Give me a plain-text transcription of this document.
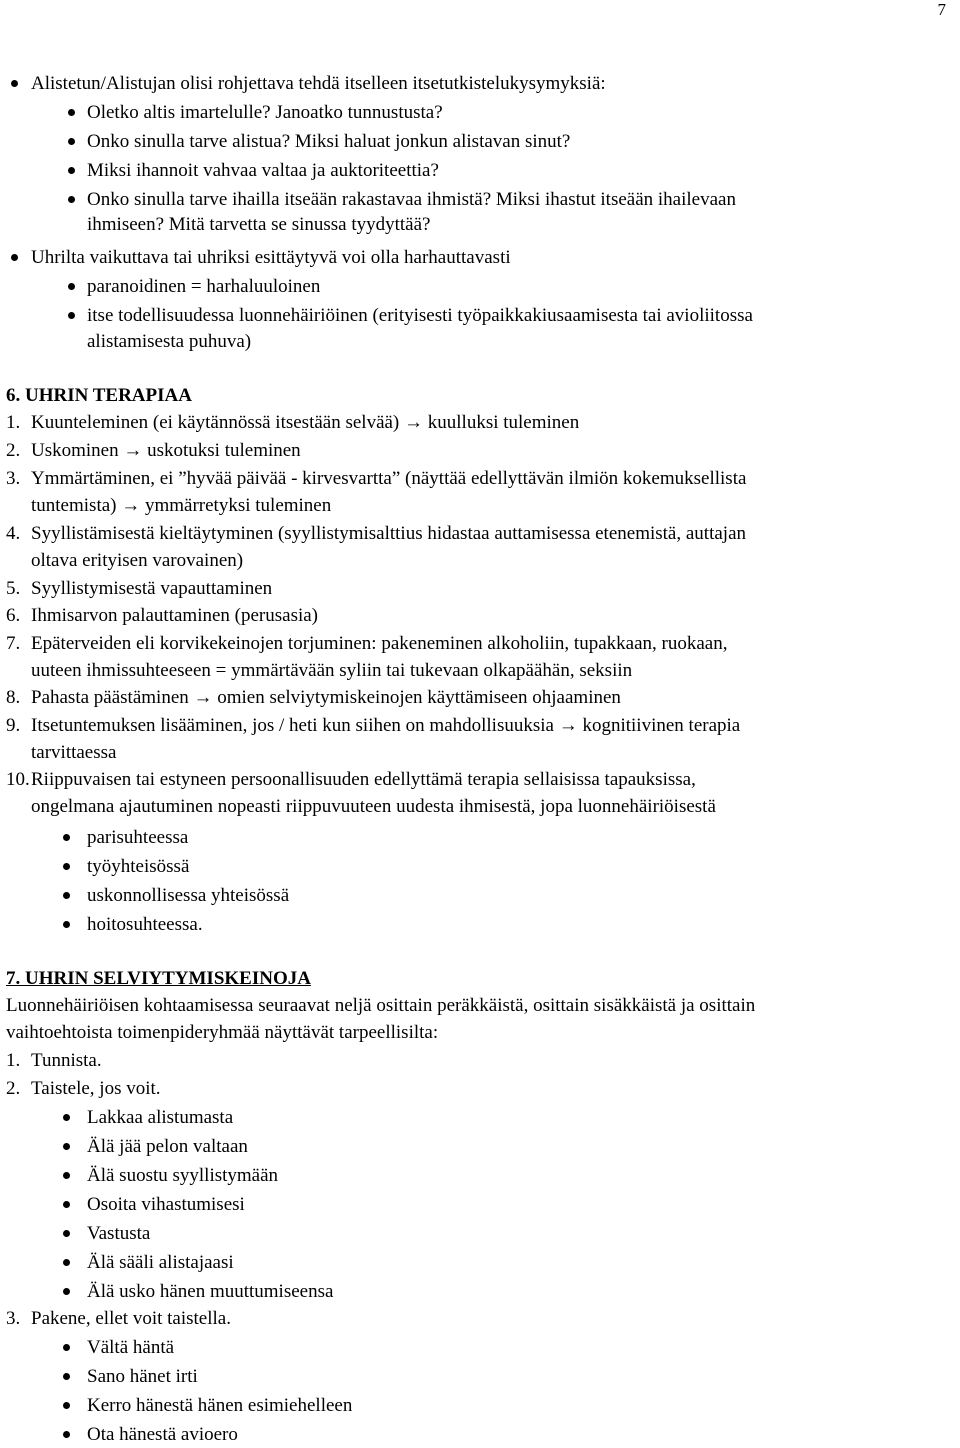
7
Alistetun/Alistujan olisi rohjettava tehdä itselleen itsetutkistelukysymyksiä:
Oletko altis imartelulle? Janoatko tunnustusta?
Onko sinulla tarve alistua? Miksi haluat jonkun alistavan sinut?
Miksi ihannoit vahvaa valtaa ja auktoriteettia?
Onko sinulla tarve ihailla itseään rakastavaa ihmistä? Miksi ihastut itseään ihailevaan
ihmiseen? Mitä tarvetta se sinussa tyydyttää?
Uhrilta vaikuttava tai uhriksi esittäytyvä voi olla harhauttavasti
paranoidinen = harhaluuloinen
itse todellisuudessa luonnehäiriöinen (erityisesti työpaikkakiusaamisesta tai avioliitossa
alistamisesta puhuva)
6. UHRIN TERAPIAA
1. Kuunteleminen (ei käytännössä itsestään selvää) → kuulluksi tuleminen
2. Uskominen → uskotuksi tuleminen
3. Ymmärtäminen, ei ”hyvää päivää - kirvesvartta” (näyttää edellyttävän ilmiön kokemuksellista
tuntemista) → ymmärretyksi tuleminen
4. Syyllistämisestä kieltäytyminen (syyllistymisalttius hidastaa auttamisessa etenemistä, auttajan
oltava erityisen varovainen)
5. Syyllistymisestä vapauttaminen
6. Ihmisarvon palauttaminen (perusasia)
7. Epäterveiden eli korvikekeinojen torjuminen: pakeneminen alkoholiin, tupakkaan, ruokaan,
uuteen ihmissuhteeseen = ymmärtävään syliin tai tukevaan olkapäähän, seksiin
8. Pahasta päästäminen → omien selviytymiskeinojen käyttämiseen ohjaaminen
9. Itsetuntemuksen lisääminen, jos / heti kun siihen on mahdollisuuksia → kognitiivinen terapia
tarvittaessa
10. Riippuvaisen tai estyneen persoonallisuuden edellyttämä terapia sellaisissa tapauksissa,
ongelmana ajautuminen nopeasti riippuvuuteen uudesta ihmisestä, jopa luonnehäiriöisestä
parisuhteessa
työyhteisössä
uskonnollisessa yhteisössä
hoitosuhteessa.
7. UHRIN SELVIYTYMISKEINOJA
Luonnehäiriöisen kohtaamisessa seuraavat neljä osittain peräkkäistä, osittain sisäkkäistä ja osittain
vaihtoehtoista toimenpideryhmää näyttävät tarpeellisilta:
1. Tunnista.
2. Taistele, jos voit.
Lakkaa alistumasta
Älä jää pelon valtaan
Älä suostu syyllistymään
Osoita vihastumisesi
Vastusta
Älä sääli alistajaasi
Älä usko hänen muuttumiseensa
3. Pakene, ellet voit taistella.
Vältä häntä
Sano hänet irti
Kerro hänestä hänen esimiehelleen
Ota hänestä avioero
